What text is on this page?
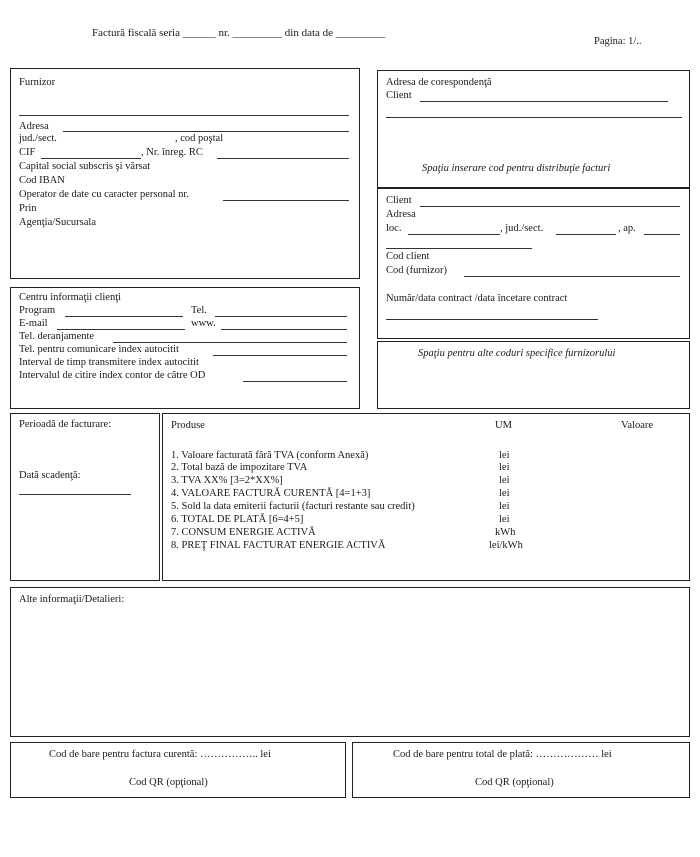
Factură fiscală seria ______ nr. _________ din data de _________
Pagina: 1/..
Furnizor
Adresa
jud./sect.	, cod poştal
CIF	, Nr. înreg. RC
Capital social subscris şi vărsat
Cod IBAN
Operator de date cu caracter personal nr.
Prin
Agenţia/Sucursala
Adresa de corespondenţă
Client
Spaţiu inserare cod pentru distribuţie facturi
Client
Adresa
loc.	, jud./sect.	, ap.
Cod client
Cod (furnizor)
Număr/data contract /data încetare contract
Centru informaţii clienţi
Program	Tel.
E-mail	www.
Tel. deranjamente
Tel. pentru comunicare index autocitit
Interval de timp transmitere index autocitit
Intervalul de citire index contor de către OD
Spaţiu pentru alte coduri specifice furnizorului
Perioadă de facturare:
Dată scadenţă:
Produse	UM	Valoare
1. Valoare facturată fără TVA (conform Anexă)	lei
2. Total bază de impozitare TVA	lei
3. TVA XX% [3=2*XX%]	lei
4. VALOARE FACTURĂ CURENTĂ [4=1+3]	lei
5. Sold la data emiterii facturii (facturi restante sau credit)	lei
6. TOTAL DE PLATĂ [6=4+5]	lei
7. CONSUM ENERGIE ACTIVĂ	kWh
8. PREŢ FINAL FACTURAT ENERGIE ACTIVĂ	lei/kWh
Alte informaţii/Detalieri:
Cod de bare pentru factura curentă: …………….. lei
Cod QR (opţional)
Cod de bare pentru total de plată: ……………… lei
Cod QR (opţional)
